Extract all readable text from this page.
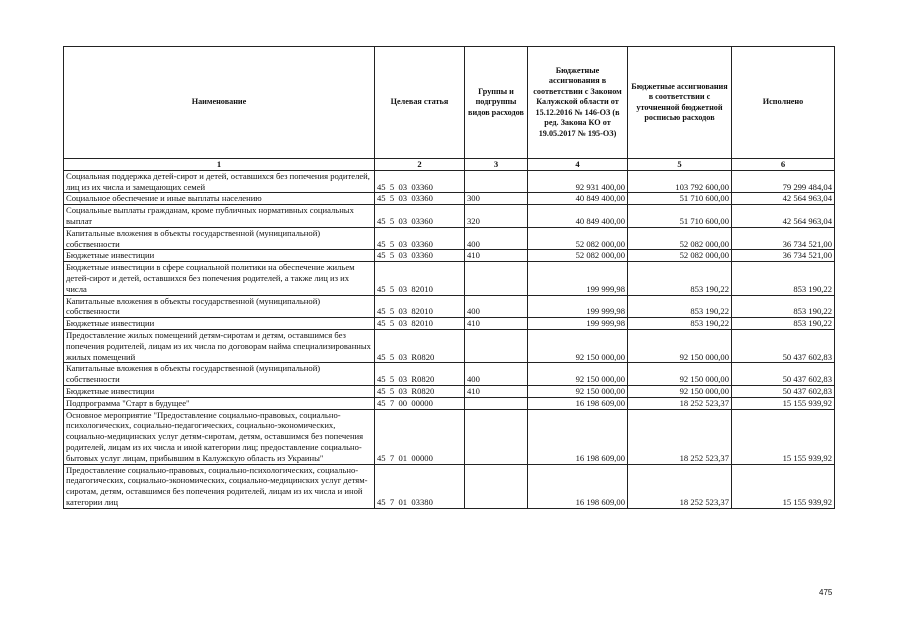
Наименование	Целевая статья	Группы и подгруппы видов расходов	Бюджетные ассигнования в соответствии с Законом Калужской области от 15.12.2016 № 146-ОЗ (в ред. Закона КО от 19.05.2017 № 195-ОЗ)	Бюджетные ассигнования в соответствии с уточненной бюджетной росписью расходов	Исполнено
1	2	3	4	5	6
Социальная поддержка детей-сирот и детей, оставшихся без попечения родителей, лиц из их числа и замещающих семей	45  5  03  03360		92 931 400,00	103 792 600,00	79 299 484,04
Социальное обеспечение и иные выплаты населению	45  5  03  03360	300	40 849 400,00	51 710 600,00	42 564 963,04
Социальные выплаты гражданам, кроме публичных нормативных социальных выплат	45  5  03  03360	320	40 849 400,00	51 710 600,00	42 564 963,04
Капитальные вложения в объекты государственной (муниципальной) собственности	45  5  03  03360	400	52 082 000,00	52 082 000,00	36 734 521,00
Бюджетные инвестиции	45  5  03  03360	410	52 082 000,00	52 082 000,00	36 734 521,00
Бюджетные инвестиции в сфере социальной политики на обеспечение жильем детей-сирот и детей, оставшихся без попечения родителей, а также лиц из их числа	45  5  03  82010		199 999,98	853 190,22	853 190,22
Капитальные вложения в объекты государственной (муниципальной) собственности	45  5  03  82010	400	199 999,98	853 190,22	853 190,22
Бюджетные инвестиции	45  5  03  82010	410	199 999,98	853 190,22	853 190,22
Предоставление жилых помещений детям-сиротам и детям, оставшимся без попечения родителей, лицам из их числа по договорам найма специализированных жилых помещений	45  5  03  R0820		92 150 000,00	92 150 000,00	50 437 602,83
Капитальные вложения в объекты государственной (муниципальной) собственности	45  5  03  R0820	400	92 150 000,00	92 150 000,00	50 437 602,83
Бюджетные инвестиции	45  5  03  R0820	410	92 150 000,00	92 150 000,00	50 437 602,83
Подпрограмма "Старт в будущее"	45  7  00  00000		16 198 609,00	18 252 523,37	15 155 939,92
Основное мероприятие "Предоставление социально-правовых, социально-психологических, социально-педагогических, социально-экономических, социально-медицинских услуг детям-сиротам, детям, оставшимся без попечения родителей, лицам из их числа и иной категории лиц; предоставление социально-бытовых услуг лицам, прибывшим в Калужскую область из Украины"	45  7  01  00000		16 198 609,00	18 252 523,37	15 155 939,92
Предоставление социально-правовых, социально-психологических, социально-педагогических, социально-экономических, социально-медицинских услуг детям-сиротам, детям, оставшимся без попечения родителей, лицам из их числа и иной категории лиц	45  7  01  03380		16 198 609,00	18 252 523,37	15 155 939,92
475
